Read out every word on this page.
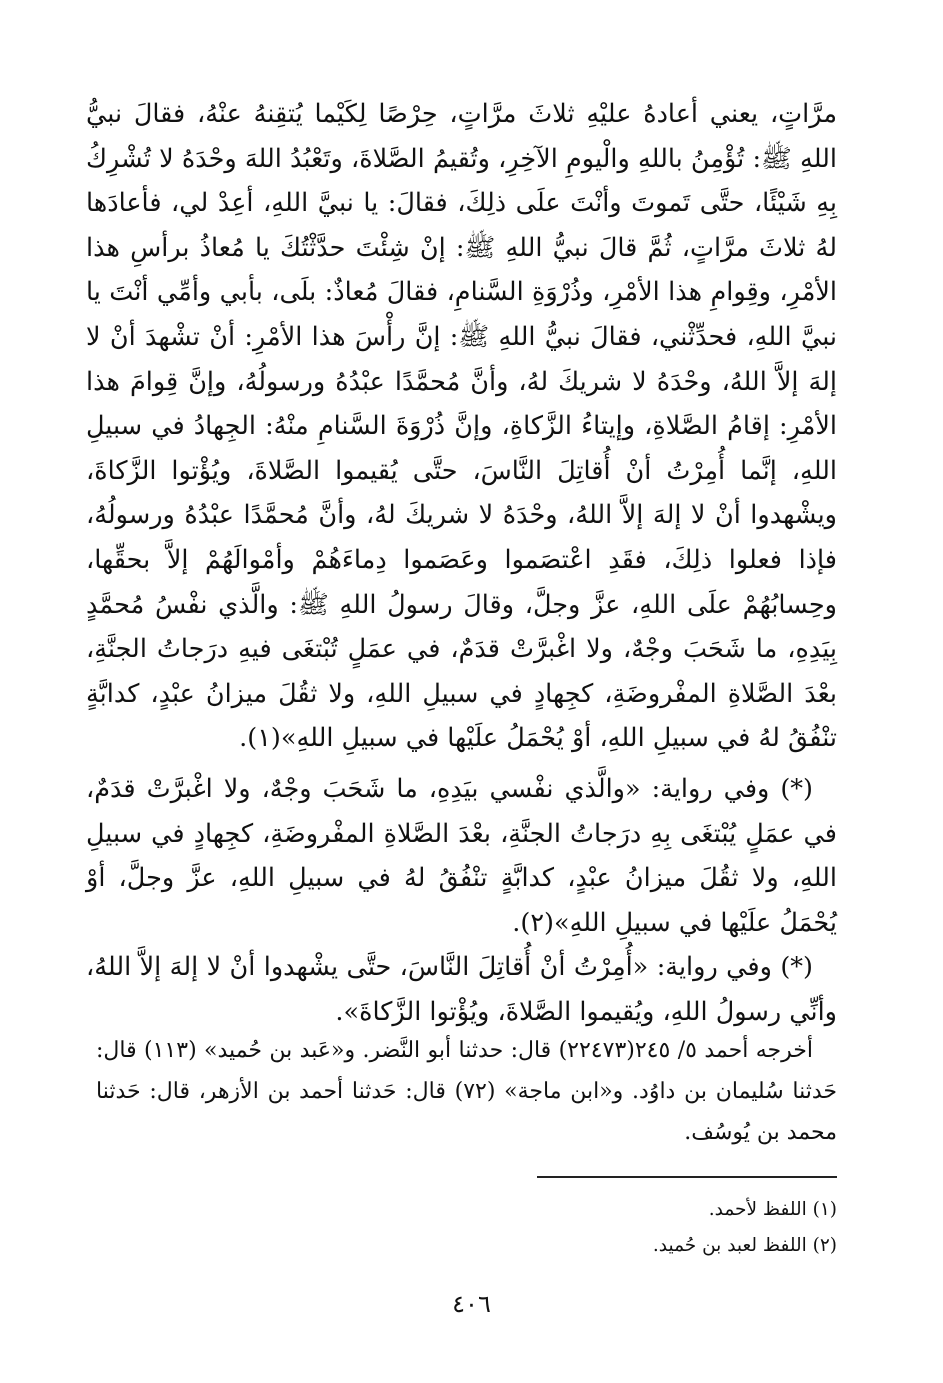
مرَّاتٍ، يعني أعادهُ عليْهِ ثلاثَ مرَّاتٍ، حِرْصًا لِكَيْما يُتقِنهُ عنْهُ، فقالَ نبيُّ اللهِ ﷺ: تُؤْمِنُ باللهِ والْيومِ الآخِرِ، وتُقيمُ الصَّلاةَ، وتَعْبُدُ اللهَ وحْدَهُ لا تُشْرِكُ بِهِ شَيْئًا، حتَّى تَموتَ وأنْتَ علَى ذلِكَ، فقالَ: يا نبيَّ اللهِ، أعِدْ لي، فأعادَها لهُ ثلاثَ مرَّاتٍ، ثُمَّ قالَ نبيُّ اللهِ ﷺ: إنْ شِئْتَ حدَّثْتُكَ يا مُعاذُ برأسِ هذا الأمْرِ، وقِوامِ هذا الأمْرِ، وذُرْوَةِ السَّنامِ، فقالَ مُعاذٌ: بلَى، بأبي وأمِّي أنْتَ يا نبيَّ اللهِ، فحدِّثْني، فقالَ نبيُّ اللهِ ﷺ: إنَّ رأْسَ هذا الأمْرِ: أنْ تشْهدَ أنْ لا إلهَ إلاَّ اللهُ، وحْدَهُ لا شريكَ لهُ، وأنَّ مُحمَّدًا عبْدُهُ ورسولُهُ، وإنَّ قِوامَ هذا الأمْرِ: إقامُ الصَّلاةِ، وإيتاءُ الزَّكاةِ، وإنَّ ذُرْوَةَ السَّنامِ منْهُ: الجِهادُ في سبيلِ اللهِ، إنَّما أُمِرْتُ أنْ أُقاتِلَ النَّاسَ، حتَّى يُقيموا الصَّلاةَ، ويُؤْتوا الزَّكاةَ، ويشْهدوا أنْ لا إلهَ إلاَّ اللهُ، وحْدَهُ لا شريكَ لهُ، وأنَّ مُحمَّدًا عبْدُهُ ورسولُهُ، فإذا فعلوا ذلِكَ، فقَدِ اعْتصَموا وعَصَموا دِماءَهُمْ وأمْوالَهُمْ إلاَّ بحقِّها، وحِسابُهُمْ علَى اللهِ، عزَّ وجلَّ، وقالَ رسولُ اللهِ ﷺ: والَّذي نفْسُ مُحمَّدٍ بِيَدِهِ، ما شَحَبَ وجْهٌ، ولا اغْبرَّتْ قدَمٌ، في عمَلٍ تُبْتغَى فيهِ درَجاتُ الجنَّةِ، بعْدَ الصَّلاةِ المفْروضَةِ، كجِهادٍ في سبيلِ اللهِ، ولا ثقُلَ ميزانُ عبْدٍ، كدابَّةٍ تنْفُقُ لهُ في سبيلِ اللهِ، أوْ يُحْمَلُ علَيْها في سبيلِ اللهِ»(١).

(*) وفي رواية: «والَّذي نفْسي بيَدِهِ، ما شَحَبَ وجْهٌ، ولا اغْبرَّتْ قدَمٌ، في عمَلٍ يُبْتغَى بِهِ درَجاتُ الجنَّةِ، بعْدَ الصَّلاةِ المفْروضَةِ، كجِهادٍ في سبيلِ اللهِ، ولا ثقُلَ ميزانُ عبْدٍ، كدابَّةٍ تنْفُقُ لهُ في سبيلِ اللهِ، عزَّ وجلَّ، أوْ يُحْمَلُ علَيْها في سبيلِ اللهِ»(٢).

(*) وفي رواية: «أُمِرْتُ أنْ أُقاتِلَ النَّاسَ، حتَّى يشْهدوا أنْ لا إلهَ إلاَّ اللهُ، وأنِّي رسولُ اللهِ، ويُقيموا الصَّلاةَ، ويُؤْتوا الزَّكاةَ».

أخرجه أحمد ٥/ ٢٤٥(٢٢٤٧٣) قال: حدثنا أبو النَّضر. و«عَبد بن حُميد» (١١٣) قال: حَدثنا سُليمان بن داوُد. و«ابن ماجة» (٧٢) قال: حَدثنا أحمد بن الأزهر، قال: حَدثنا محمد بن يُوسُف.
(١) اللفظ لأحمد.
(٢) اللفظ لعبد بن حُميد.
٤٠٦
